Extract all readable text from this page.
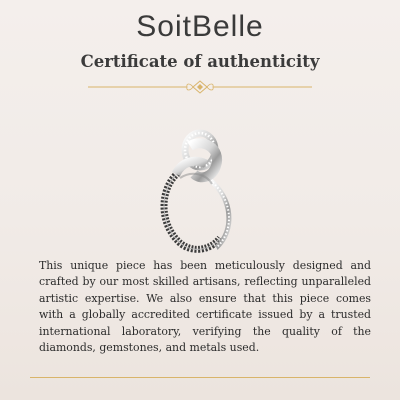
SoitBelle
Certificate of authenticity
This unique piece has been meticulously designed and crafted by our most skilled artisans, reflecting unparalleled artistic expertise. We also ensure that this piece comes with a globally accredited certificate issued by a trusted international laboratory, verifying the quality of the diamonds, gemstones, and metals used.
